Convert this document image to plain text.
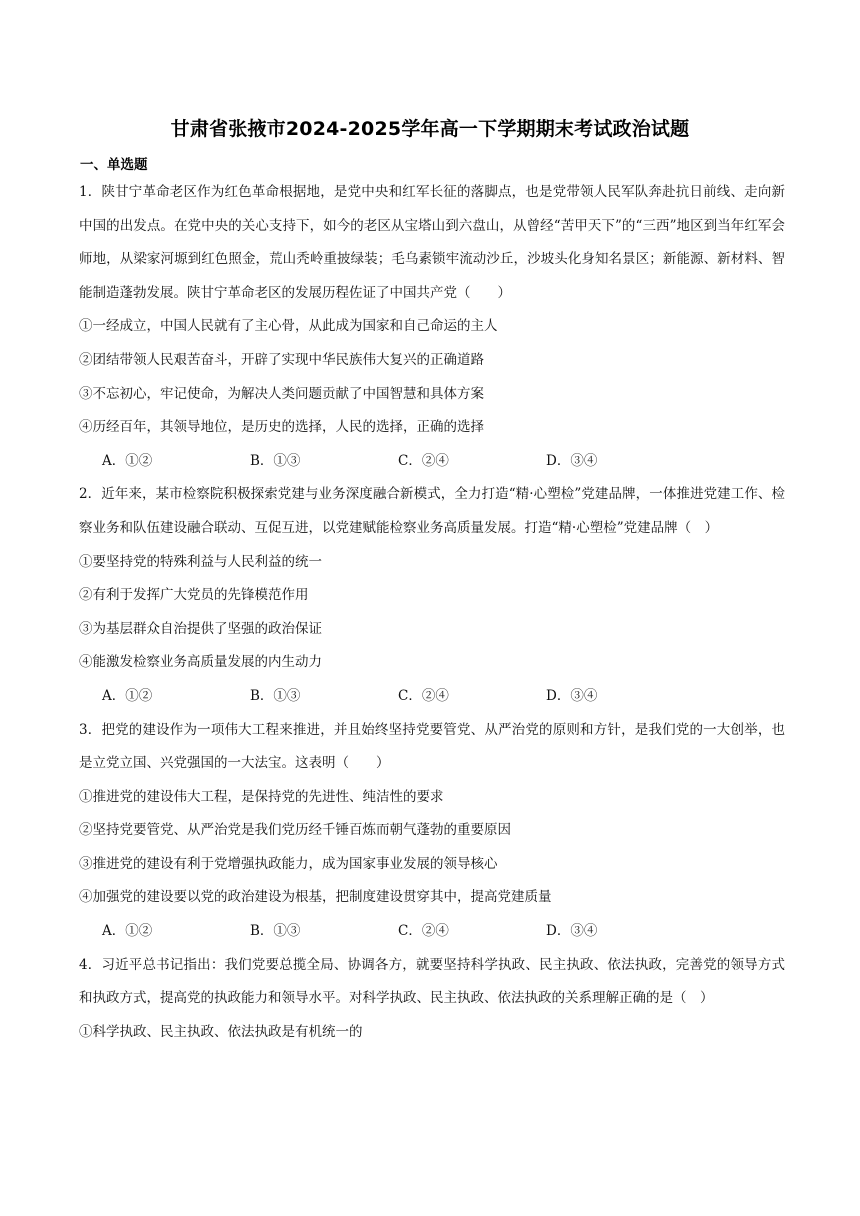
甘肃省张掖市2024-2025学年高一下学期期末考试政治试题
一、单选题

1．陕甘宁革命老区作为红色革命根据地，是党中央和红军长征的落脚点，也是党带领人民军队奔赴抗日前线、走向新中国的出发点。在党中央的关心支持下，如今的老区从宝塔山到六盘山，从曾经“苦甲天下”的“三西”地区到当年红军会师地，从梁家河塬到红色照金，荒山秃岭重披绿装；毛乌素锁牢流动沙丘，沙坡头化身知名景区；新能源、新材料、智能制造蓬勃发展。陕甘宁革命老区的发展历程佐证了中国共产党（　　）

①一经成立，中国人民就有了主心骨，从此成为国家和自己命运的主人

②团结带领人民艰苦奋斗，开辟了实现中华民族伟大复兴的正确道路

③不忘初心，牢记使命，为解决人类问题贡献了中国智慧和具体方案

④历经百年，其领导地位，是历史的选择，人民的选择，正确的选择

A．①②	B．①③	C．②④	D．③④

2．近年来，某市检察院积极探索党建与业务深度融合新模式，全力打造“精·心塑检”党建品牌，一体推进党建工作、检察业务和队伍建设融合联动、互促互进，以党建赋能检察业务高质量发展。打造“精·心塑检”党建品牌（　）

①要坚持党的特殊利益与人民利益的统一

②有利于发挥广大党员的先锋模范作用

③为基层群众自治提供了坚强的政治保证

④能激发检察业务高质量发展的内生动力

A．①②	B．①③	C．②④	D．③④

3．把党的建设作为一项伟大工程来推进，并且始终坚持党要管党、从严治党的原则和方针，是我们党的一大创举，也是立党立国、兴党强国的一大法宝。这表明（　　）

①推进党的建设伟大工程，是保持党的先进性、纯洁性的要求

②坚持党要管党、从严治党是我们党历经千锤百炼而朝气蓬勃的重要原因

③推进党的建设有利于党增强执政能力，成为国家事业发展的领导核心

④加强党的建设要以党的政治建设为根基，把制度建设贯穿其中，提高党建质量

A．①②	B．①③	C．②④	D．③④

4．习近平总书记指出：我们党要总揽全局、协调各方，就要坚持科学执政、民主执政、依法执政，完善党的领导方式和执政方式，提高党的执政能力和领导水平。对科学执政、民主执政、依法执政的关系理解正确的是（　）

①科学执政、民主执政、依法执政是有机统一的
